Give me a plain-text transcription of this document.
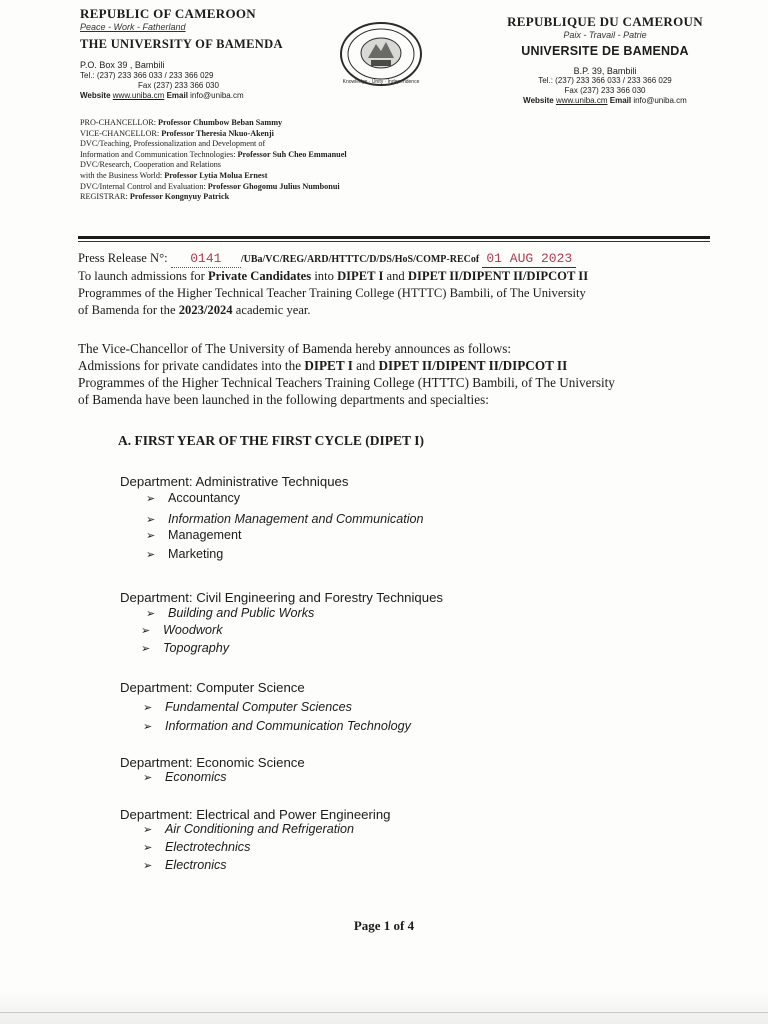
REPUBLIC OF CAMEROON
Peace - Work - Fatherland
THE UNIVERSITY OF BAMENDA
P.O. Box 39 , Bambili
Tel.: (237) 233 366 033 / 233 366 029
Fax (237) 233 366 030
Website www.uniba.cm Email info@uniba.cm
Knowledge · Unity · Independence
REPUBLIQUE DU CAMEROUN
Paix - Travail - Patrie
UNIVERSITE DE BAMENDA
B.P. 39, Bambili
Tel.: (237) 233 366 033 / 233 366 029
Fax (237) 233 366 030
Website www.uniba.cm Email info@uniba.cm
PRO-CHANCELLOR: Professor Chumbow Beban Sammy
VICE-CHANCELLOR: Professor Theresia Nkuo-Akenji
DVC/Teaching, Professionalization and Development of
Information and Communication Technologies: Professor Suh Cheo Emmanuel
DVC/Research, Cooperation and Relations
with the Business World: Professor Lytia Molua Ernest
DVC/Internal Control and Evaluation: Professor Ghogomu Julius Numbonui
REGISTRAR: Professor Kongnyuy Patrick
Press Release N°: 0141 /UBa/VC/REG/ARD/HTTTC/D/DS/HoS/COMP-RECof 01 AUG 2023
To launch admissions for Private Candidates into DIPET I and DIPET II/DIPENT II/DIPCOT II
Programmes of the Higher Technical Teacher Training College (HTTTC) Bambili, of The University
of Bamenda for the 2023/2024 academic year.
The Vice-Chancellor of The University of Bamenda hereby announces as follows:
Admissions for private candidates into the DIPET I and DIPET II/DIPENT II/DIPCOT II
Programmes of the Higher Technical Teachers Training College (HTTTC) Bambili, of The University
of Bamenda have been launched in the following departments and specialties:
A. FIRST YEAR OF THE FIRST CYCLE (DIPET I)
Department: Administrative Techniques
➢ Accountancy
➢ Information Management and Communication
➢ Management
➢ Marketing
Department: Civil Engineering and Forestry Techniques
➢ Building and Public Works
➢ Woodwork
➢ Topography
Department: Computer Science
➢ Fundamental Computer Sciences
➢ Information and Communication Technology
Department: Economic Science
➢ Economics
Department: Electrical and Power Engineering
➢ Air Conditioning and Refrigeration
➢ Electrotechnics
➢ Electronics
Page 1 of 4
